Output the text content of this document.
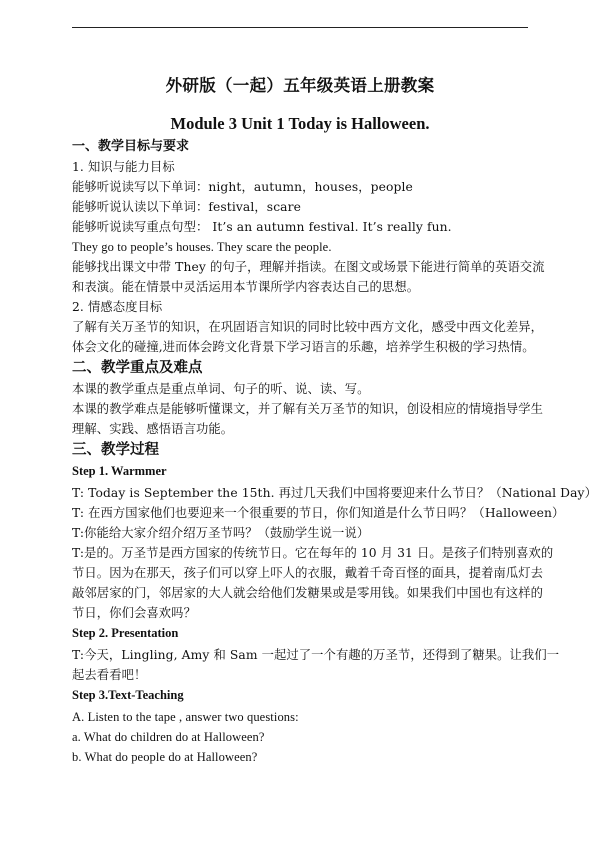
外研版（一起）五年级英语上册教案
Module 3 Unit 1 Today is Halloween.
一、教学目标与要求
1. 知识与能力目标
能够听说读写以下单词：night，autumn，houses，people
能够听说认读以下单词：festival，scare
能够听说读写重点句型： It’s an autumn festival. It’s really fun.
They go to people’s houses. They scare the people.
能够找出课文中带 They 的句子，理解并指读。在图文或场景下能进行简单的英语交流
和表演。能在情景中灵活运用本节课所学内容表达自己的思想。
2. 情感态度目标
了解有关万圣节的知识，在巩固语言知识的同时比较中西方文化，感受中西文化差异，
体会文化的碰撞,进而体会跨文化背景下学习语言的乐趣，培养学生积极的学习热情。
二、教学重点及难点
本课的教学重点是重点单词、句子的听、说、读、写。
本课的教学难点是能够听懂课文，并了解有关万圣节的知识，创设相应的情境指导学生
理解、实践、感悟语言功能。
三、教学过程
Step 1. Warmmer
T: Today is September the 15th. 再过几天我们中国将要迎来什么节日？（National Day）
T: 在西方国家他们也要迎来一个很重要的节日，你们知道是什么节日吗？（Halloween）
T:你能给大家介绍介绍万圣节吗？（鼓励学生说一说）
T:是的。万圣节是西方国家的传统节日。它在每年的 10 月 31 日。是孩子们特别喜欢的
节日。因为在那天，孩子们可以穿上吓人的衣服，戴着千奇百怪的面具，提着南瓜灯去
敲邻居家的门，邻居家的大人就会给他们发糖果或是零用钱。如果我们中国也有这样的
节日，你们会喜欢吗？
Step 2. Presentation
T:今天，Lingling, Amy 和 Sam 一起过了一个有趣的万圣节，还得到了糖果。让我们一
起去看看吧！
Step 3.Text-Teaching
A. Listen to the tape , answer two questions:
a. What do children do at Halloween?
b. What do people do at Halloween?
